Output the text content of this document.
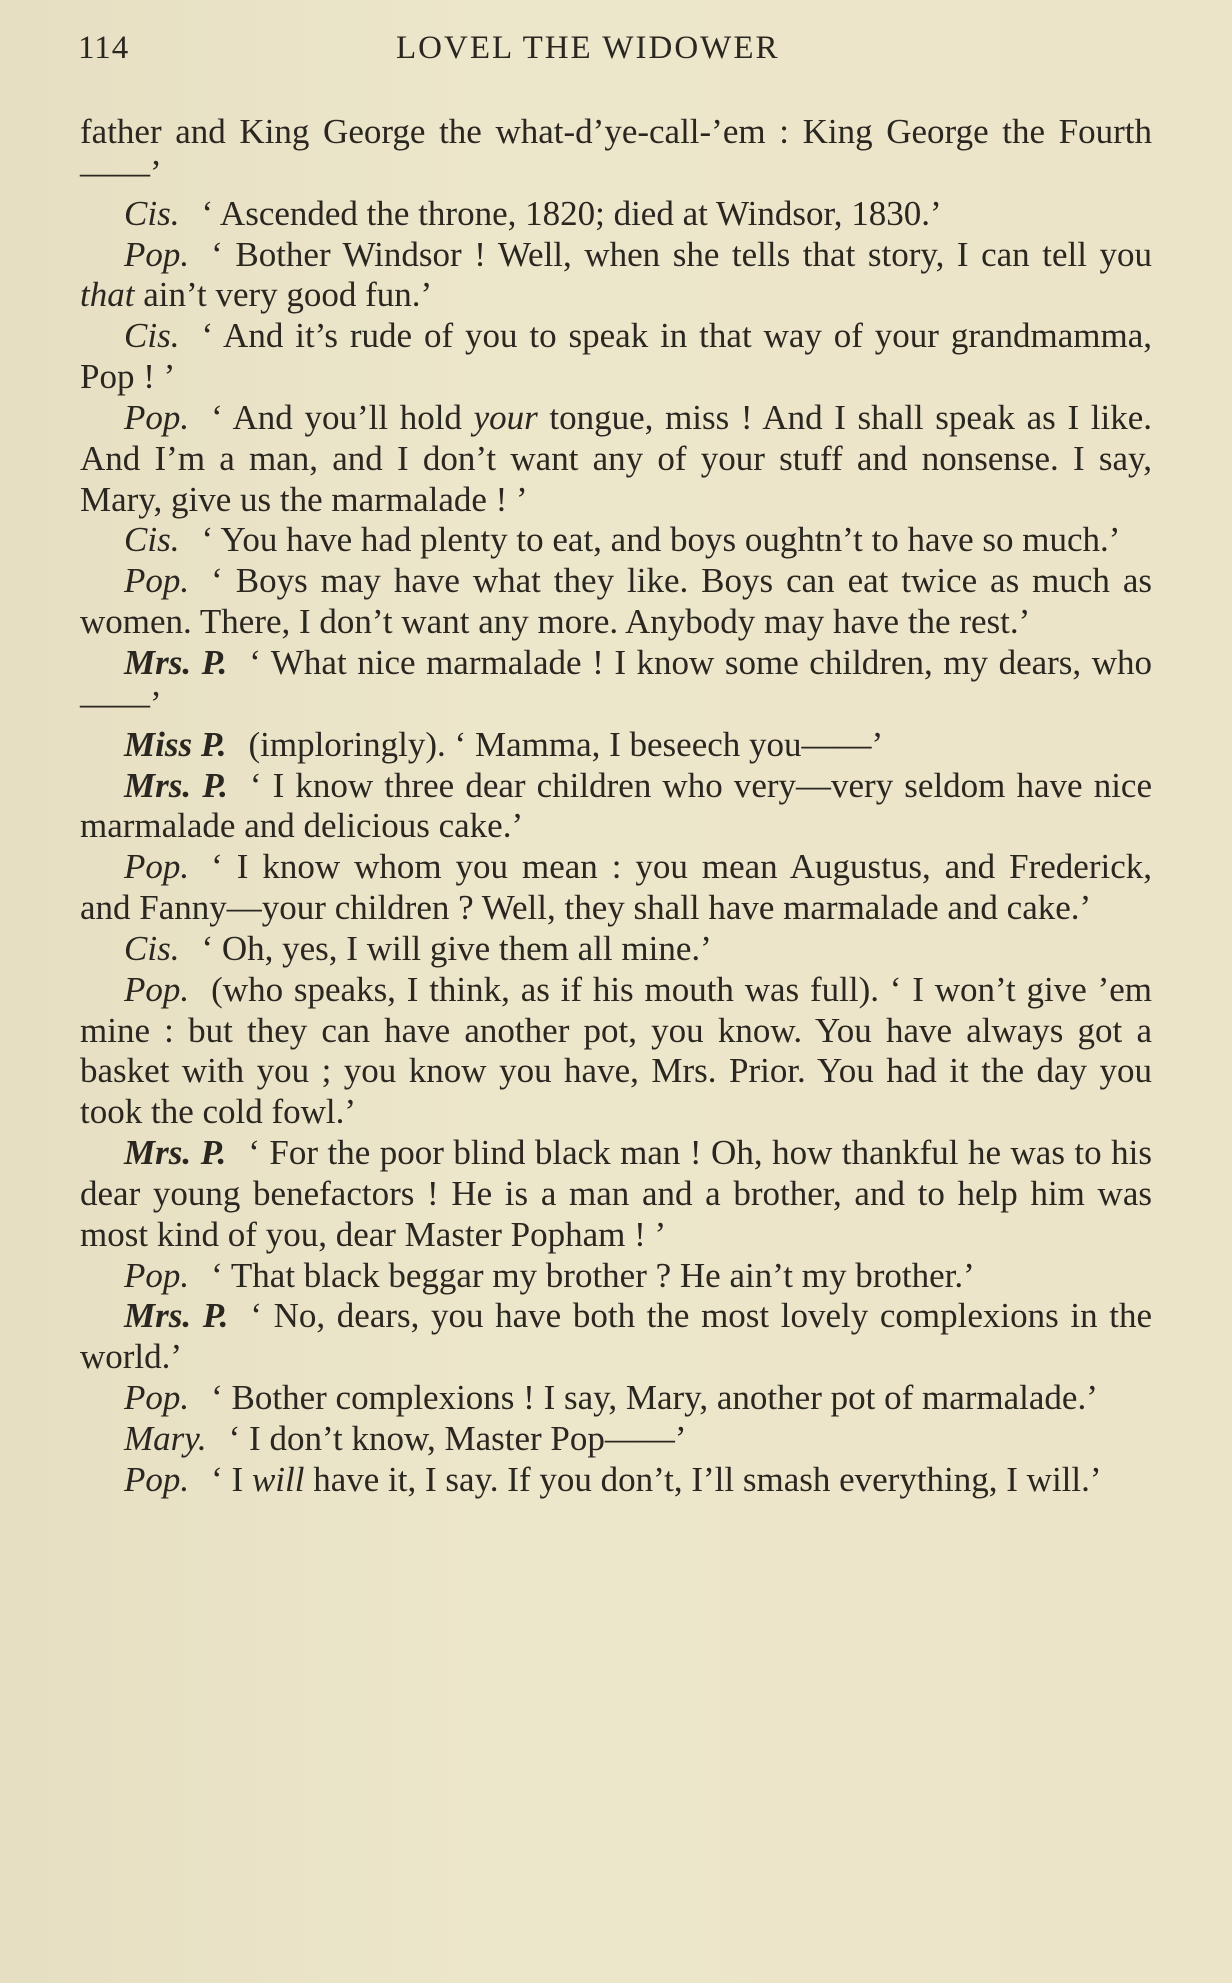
114	LOVEL THE WIDOWER

father and King George the what-d’ye-call-’em : King George the Fourth——’

Cis. ‘ Ascended the throne, 1820; died at Windsor, 1830.’

Pop. ‘ Bother Windsor ! Well, when she tells that story, I can tell you that ain’t very good fun.’

Cis. ‘ And it’s rude of you to speak in that way of your grandmamma, Pop ! ’

Pop. ‘ And you’ll hold your tongue, miss ! And I shall speak as I like. And I’m a man, and I don’t want any of your stuff and nonsense. I say, Mary, give us the marmalade ! ’

Cis. ‘ You have had plenty to eat, and boys oughtn’t to have so much.’

Pop. ‘ Boys may have what they like. Boys can eat twice as much as women. There, I don’t want any more. Anybody may have the rest.’

Mrs. P. ‘ What nice marmalade ! I know some children, my dears, who——’

Miss P. (imploringly). ‘ Mamma, I beseech you——’

Mrs. P. ‘ I know three dear children who very—very seldom have nice marmalade and delicious cake.’

Pop. ‘ I know whom you mean : you mean Augustus, and Frederick, and Fanny—your children ? Well, they shall have marmalade and cake.’

Cis. ‘ Oh, yes, I will give them all mine.’

Pop. (who speaks, I think, as if his mouth was full). ‘ I won’t give ’em mine : but they can have another pot, you know. You have always got a basket with you ; you know you have, Mrs. Prior. You had it the day you took the cold fowl.’

Mrs. P. ‘ For the poor blind black man ! Oh, how thankful he was to his dear young benefactors ! He is a man and a brother, and to help him was most kind of you, dear Master Popham ! ’

Pop. ‘ That black beggar my brother ? He ain’t my brother.’

Mrs. P. ‘ No, dears, you have both the most lovely complexions in the world.’

Pop. ‘ Bother complexions ! I say, Mary, another pot of marmalade.’

Mary. ‘ I don’t know, Master Pop——’

Pop. ‘ I will have it, I say. If you don’t, I’ll smash everything, I will.’
